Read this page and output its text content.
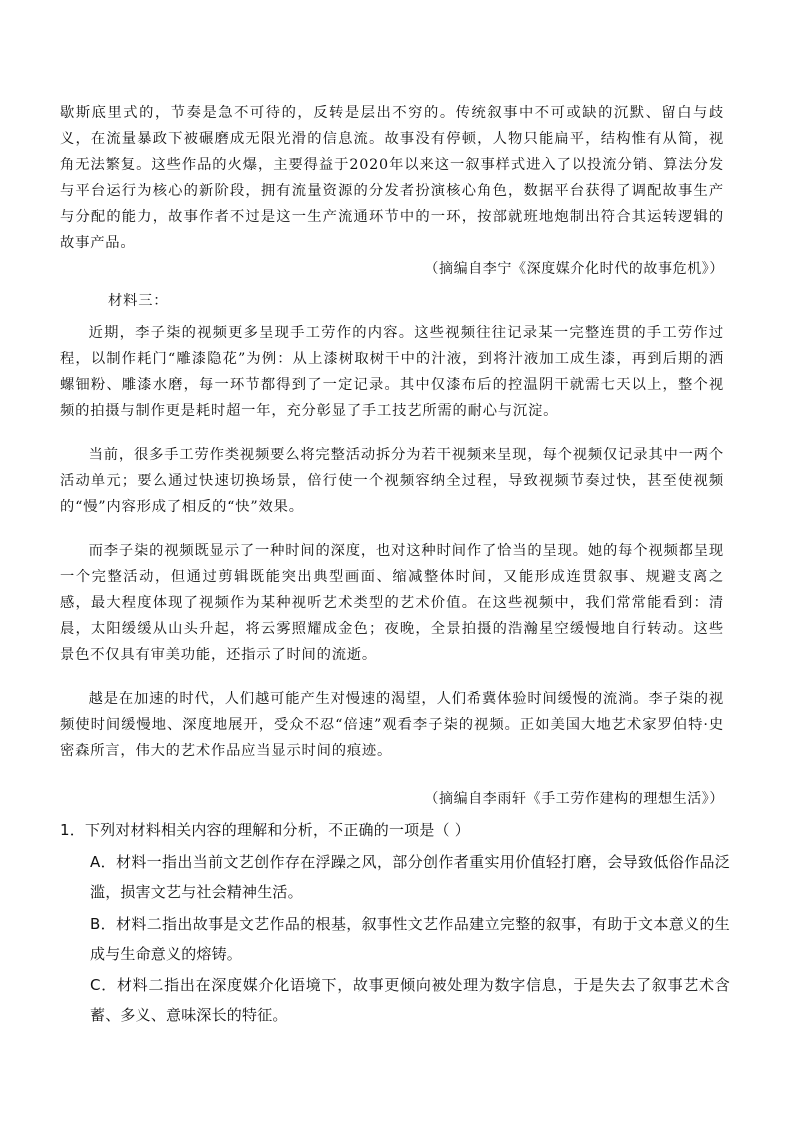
歇斯底里式的，节奏是急不可待的，反转是层出不穷的。传统叙事中不可或缺的沉默、留白与歧义，在流量暴政下被碾磨成无限光滑的信息流。故事没有停顿，人物只能扁平，结构惟有从简，视角无法繁复。这些作品的火爆，主要得益于2020年以来这一叙事样式进入了以投流分销、算法分发与平台运行为核心的新阶段，拥有流量资源的分发者扮演核心角色，数据平台获得了调配故事生产与分配的能力，故事作者不过是这一生产流通环节中的一环，按部就班地炮制出符合其运转逻辑的故事产品。

（摘编自李宁《深度媒介化时代的故事危机》）

材料三：

近期，李子柒的视频更多呈现手工劳作的内容。这些视频往往记录某一完整连贯的手工劳作过程，以制作耗门“雕漆隐花”为例：从上漆树取树干中的汁液，到将汁液加工成生漆，再到后期的洒螺钿粉、雕漆水磨，每一环节都得到了一定记录。其中仅漆布后的控温阴干就需七天以上，整个视频的拍摄与制作更是耗时超一年，充分彰显了手工技艺所需的耐心与沉淀。

当前，很多手工劳作类视频要么将完整活动拆分为若干视频来呈现，每个视频仅记录其中一两个活动单元；要么通过快速切换场景，倍行使一个视频容纳全过程，导致视频节奏过快，甚至使视频的“慢”内容形成了相反的“快”效果。

而李子柒的视频既显示了一种时间的深度，也对这种时间作了恰当的呈现。她的每个视频都呈现一个完整活动，但通过剪辑既能突出典型画面、缩减整体时间，又能形成连贯叙事、规避支离之感，最大程度体现了视频作为某种视听艺术类型的艺术价值。在这些视频中，我们常常能看到：清晨，太阳缓缓从山头升起，将云雾照耀成金色；夜晚，全景拍摄的浩瀚星空缓慢地自行转动。这些景色不仅具有审美功能，还指示了时间的流逝。

越是在加速的时代，人们越可能产生对慢速的渴望，人们希冀体验时间缓慢的流淌。李子柒的视频使时间缓慢地、深度地展开，受众不忍“倍速”观看李子柒的视频。正如美国大地艺术家罗伯特·史密森所言，伟大的艺术作品应当显示时间的痕迹。

（摘编自李雨轩《手工劳作建构的理想生活》）

1．下列对材料相关内容的理解和分析，不正确的一项是（ ）

A．材料一指出当前文艺创作存在浮躁之风，部分创作者重实用价值轻打磨，会导致低俗作品泛滥，损害文艺与社会精神生活。

B．材料二指出故事是文艺作品的根基，叙事性文艺作品建立完整的叙事，有助于文本意义的生成与生命意义的熔铸。

C．材料二指出在深度媒介化语境下，故事更倾向被处理为数字信息，于是失去了叙事艺术含蓄、多义、意味深长的特征。
